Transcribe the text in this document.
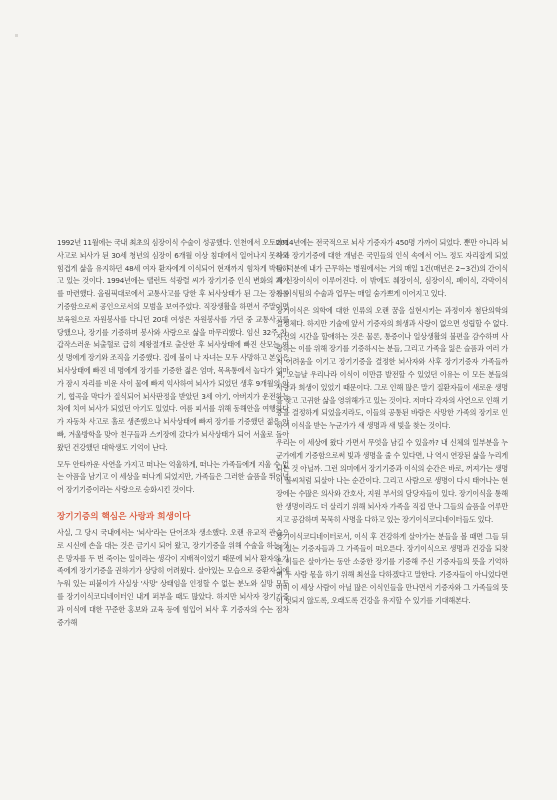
1992년 11월에는 국내 최초의 심장이식 수술이 성공했다. 인천에서 오토바이 사고로 뇌사가 된 30세 청년의 심장이 6개월 이상 침대에서 일어나지 못하고 힘겹게 삶을 유지하던 48세 여자 환자에게 이식되어 현재까지 힘차게 박동하고 있는 것이다. 1994년에는 탤런트 석광렬 씨가 장기기증 인식 변화의 계기를 마련했다. 올림픽대로에서 교통사고를 당한 후 뇌사상태가 된 그는 장기를 기증함으로써 공인으로서의 모범을 보여주었다. 직장생활을 하면서 주말이면 보육원으로 자원봉사를 다니던 20대 여성은 자원봉사를 가던 중 교통사고를 당했으나, 장기를 기증하며 봉사와 사랑으로 삶을 마무리했다. 임신 32주 차, 갑작스러운 뇌출혈로 급히 제왕절개로 출산한 후 뇌사상태에 빠진 산모는 여섯 명에게 장기와 조직을 기증했다. 집에 불이 나 자녀는 모두 사망하고 본인은 뇌사상태에 빠진 네 명에게 장기를 기증한 젊은 엄마, 목욕통에서 놀다가 엄마가 잠시 자리를 비운 사이 물에 빠져 익사하여 뇌사가 되었던 생후 9개월의 아기, 협곡을 막다가 질식되어 뇌사판정을 받았던 3세 아기, 아버지가 운전하는 차에 치여 뇌사가 되었던 아기도 있었다. 여름 피서를 위해 동해안을 여행하다가 자동차 사고로 홀로 생존했으나 뇌사상태에 빠져 장기를 기증했던 젊은 아빠, 겨울방학을 맞아 친구들과 스키장에 갔다가 뇌사상태가 되어 서울로 돌아왔던 건강했던 대학생도 기억이 난다.

모두 안타까운 사연을 가지고 떠나는 억울하게, 떠나는 가족들에게 지울 수 없는 아픔을 남기고 이 세상을 떠나게 되었지만, 가족들은 그러한 슬픔을 뛰어넘어 장기기증이라는 사랑으로 승화시킨 것이다.

장기기증의 핵심은 사랑과 희생이다

사실, 그 당시 국내에서는 '뇌사'라는 단어조차 생소했다. 오랜 유교적 관습으로 시신에 손을 대는 것은 금기시 되어 왔고, 장기기증을 위해 수술을 하는 것은 망자를 두 번 죽이는 일이라는 생각이 지배적이었기 때문에 뇌사 환자의 가족에게 장기기증을 권하기가 상당히 어려웠다. 살아있는 모습으로 중환자실에 누워 있는 피붙이가 사실상 '사망' 상태임을 인정할 수 없는 분노와 실망 모두를 장기이식코디네이터인 내게 퍼부을 때도 많았다. 하지만 뇌사자 장기기증과 이식에 대한 꾸준한 홍보와 교육 등에 힘입어 뇌사 후 기증자의 수는 점차 증가해

2014년에는 전국적으로 뇌사 기증자가 450명 가까이 되었다. 뿐만 아니라 뇌사와 장기기증에 대한 개념은 국민들의 인식 속에서 어느 정도 자리잡게 되었다. 덕분에 내가 근무하는 병원에서는 거의 매일 1건(매년은 2~3건)의 간이식과 신장이식이 이루어진다. 이 밖에도 췌장이식, 심장이식, 폐이식, 각막이식 등 이식팀의 수술과 업무는 매일 숨가쁘게 이어지고 있다.

장기이식은 의학에 대한 인류의 오랜 꿈을 실현시키는 과정이자 첨단의학의 결정체다. 하지만 기술에 앞서 기증자의 희생과 사랑이 없으면 성립할 수 없다. 자신의 시간을 할애하는 것은 물론, 통증이나 일상생활의 불편을 감수하며 사랑하는 이를 위해 장기를 기증하시는 분들, 그리고 가족을 잃은 슬픔과 여러 가지 어려움을 이기고 장기기증을 결정한 뇌사자와 사후 장기기증자 가족들까지, 오늘날 우리나라 이식이 이만큼 발전할 수 있었던 이유는 이 모든 분들의 사랑과 희생이 있었기 때문이다. 그로 인해 많은 말기 질환자들이 새로운 생명을 찾고 고귀한 삶을 영위해가고 있는 것이다. 저마다 각자의 사연으로 인해 기증을 결정하게 되었을지라도, 이들의 공통된 바람은 사망한 가족의 장기로 인하여 이식을 받는 누군가가 새 생명과 새 빛을 찾는 것이다.

우리는 이 세상에 왔다 가면서 무엇을 남길 수 있을까? 내 신체의 일부분을 누군가에게 기증함으로써 빛과 생명을 줄 수 있다면, 나 역시 연장된 삶을 누리게 되는 것 아닐까. 그런 의미에서 장기기증과 이식의 순간은 바로, 꺼져가는 생명이 불씨처럼 되살아 나는 순간이다. 그리고 사람으로 생명이 다시 태어나는 현장에는 수많은 의사와 간호사, 지원 부서의 담당자들이 있다. 장기이식을 통해 한 생명이라도 더 살리기 위해 뇌사자 가족을 직접 만나 그들의 슬픔을 어루만지고 공감하며 묵묵히 사명을 다하고 있는 장기이식코디네이터들도 있다.

장기이식코디네이터로서, 이식 후 건강하게 살아가는 분들을 볼 때면 그들 뒤에 있는 기증자들과 그 가족들이 떠오른다. 장기이식으로 생명과 건강을 되찾은 이들은 살아가는 동안 소중한 장기를 기증해 주신 기증자들의 뜻을 기억하며 두 사람 몫을 하기 위해 최선을 다하겠다고 말한다. 기증자들이 아니었다면 이미 이 세상 사람이 아닐 많은 이식인들을 만나면서 기증자와 그 가족들의 뜻이 헛되지 않도록, 오래도록 건강을 유지할 수 있기를 기대해본다.
